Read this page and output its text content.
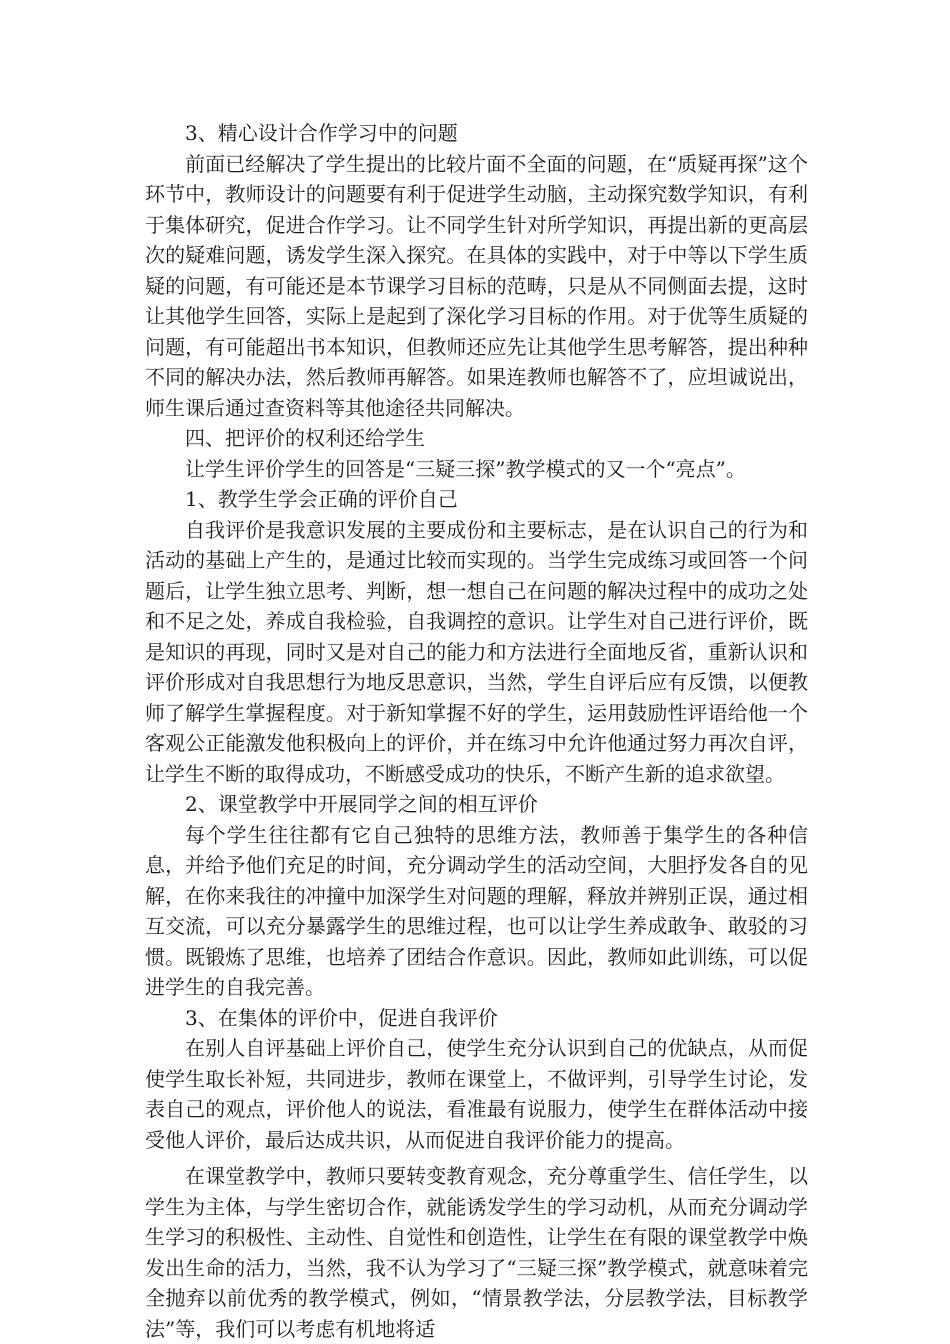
3、精心设计合作学习中的问题

前面已经解决了学生提出的比较片面不全面的问题，在“质疑再探”这个环节中，教师设计的问题要有利于促进学生动脑，主动探究数学知识，有利于集体研究，促进合作学习。让不同学生针对所学知识，再提出新的更高层次的疑难问题，诱发学生深入探究。在具体的实践中，对于中等以下学生质疑的问题，有可能还是本节课学习目标的范畴，只是从不同侧面去提，这时让其他学生回答，实际上是起到了深化学习目标的作用。对于优等生质疑的问题，有可能超出书本知识，但教师还应先让其他学生思考解答，提出种种不同的解决办法，然后教师再解答。如果连教师也解答不了，应坦诚说出，师生课后通过查资料等其他途径共同解决。

四、把评价的权利还给学生

让学生评价学生的回答是“三疑三探”教学模式的又一个“亮点”。

1、教学生学会正确的评价自己

自我评价是我意识发展的主要成份和主要标志，是在认识自己的行为和活动的基础上产生的，是通过比较而实现的。当学生完成练习或回答一个问题后，让学生独立思考、判断，想一想自己在问题的解决过程中的成功之处和不足之处，养成自我检验，自我调控的意识。让学生对自己进行评价，既是知识的再现，同时又是对自己的能力和方法进行全面地反省，重新认识和评价形成对自我思想行为地反思意识，当然，学生自评后应有反馈，以便教师了解学生掌握程度。对于新知掌握不好的学生，运用鼓励性评语给他一个客观公正能激发他积极向上的评价，并在练习中允许他通过努力再次自评，让学生不断的取得成功，不断感受成功的快乐，不断产生新的追求欲望。

2、课堂教学中开展同学之间的相互评价

每个学生往往都有它自己独特的思维方法，教师善于集学生的各种信息，并给予他们充足的时间，充分调动学生的活动空间，大胆抒发各自的见解，在你来我往的冲撞中加深学生对问题的理解，释放并辨别正误，通过相互交流，可以充分暴露学生的思维过程，也可以让学生养成敢争、敢驳的习惯。既锻炼了思维，也培养了团结合作意识。因此，教师如此训练，可以促进学生的自我完善。

3、在集体的评价中，促进自我评价

在别人自评基础上评价自己，使学生充分认识到自己的优缺点，从而促使学生取长补短，共同进步，教师在课堂上，不做评判，引导学生讨论，发表自己的观点，评价他人的说法，看准最有说服力，使学生在群体活动中接受他人评价，最后达成共识，从而促进自我评价能力的提高。

在课堂教学中，教师只要转变教育观念，充分尊重学生、信任学生，以学生为主体，与学生密切合作，就能诱发学生的学习动机，从而充分调动学生学习的积极性、主动性、自觉性和创造性，让学生在有限的课堂教学中焕发出生命的活力，当然，我不认为学习了“三疑三探”教学模式，就意味着完全抛弃以前优秀的教学模式，例如，“情景教学法，分层教学法，目标教学法”等，我们可以考虑有机地将适
